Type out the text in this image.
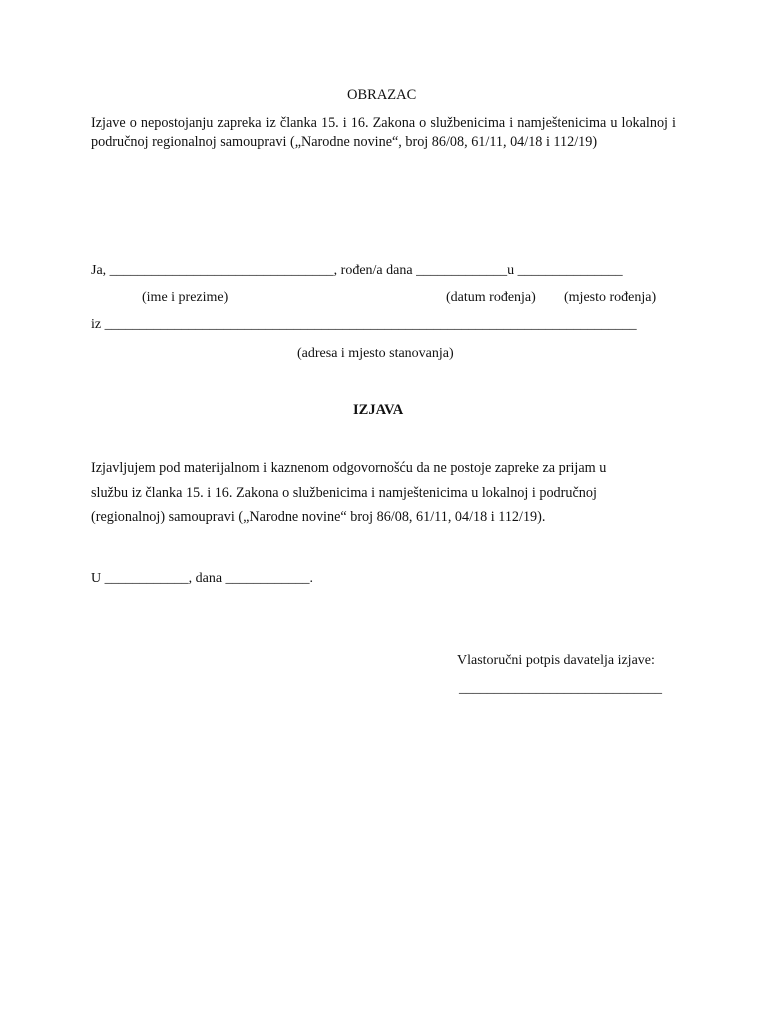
OBRAZAC
Izjave o nepostojanju zapreka iz članka 15. i 16. Zakona o službenicima i namještenicima u lokalnoj i područnoj regionalnoj samoupravi („Narodne novine“, broj 86/08, 61/11, 04/18 i 112/19)
Ja, ________________________________, rođen/a dana _____________u _______________
(ime i prezime)	(datum rođenja) (mjesto rođenja)
iz ____________________________________________________________________________
(adresa i mjesto stanovanja)
IZJAVA
Izjavljujem pod materijalnom i kaznenom odgovornošću da ne postoje zapreke za prijam u
službu iz članka 15. i 16. Zakona o službenicima i namještenicima u lokalnoj i područnoj
(regionalnoj) samoupravi („Narodne novine“ broj 86/08, 61/11, 04/18 i 112/19).
U ____________, dana ____________.
Vlastoručni potpis davatelja izjave:
_____________________________
